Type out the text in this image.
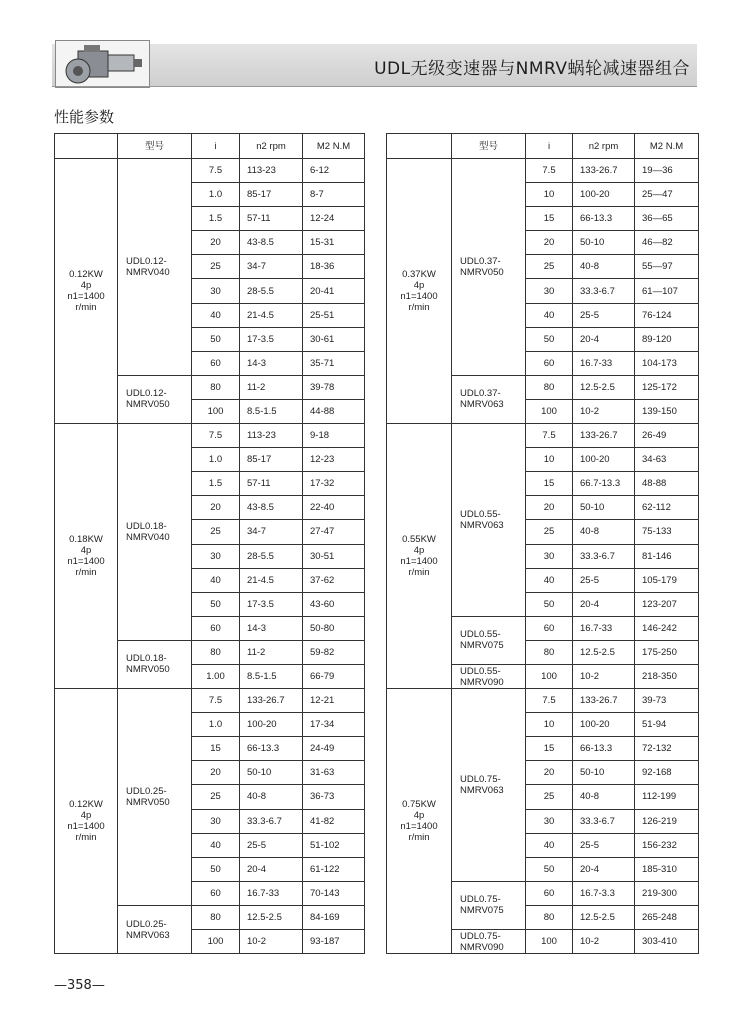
UDL无级变速器与NMRV蜗轮减速器组合
性能参数
	型号	i	n2 rpm	M2 N.M
0.12KW
4p
n1=1400
r/min	UDL0.12-
NMRV040	7.5	113-23	6-12
		1.0	85-17	8-7
		1.5	57-11	12-24
		20	43-8.5	15-31
		25	34-7	18-36
		30	28-5.5	20-41
		40	21-4.5	25-51
		50	17-3.5	30-61
		60	14-3	35-71
	UDL0.12-
NMRV050	80	11-2	39-78
		100	8.5-1.5	44-88
0.18KW
4p
n1=1400
r/min	UDL0.18-
NMRV040	7.5	113-23	9-18
		1.0	85-17	12-23
		1.5	57-11	17-32
		20	43-8.5	22-40
		25	34-7	27-47
		30	28-5.5	30-51
		40	21-4.5	37-62
		50	17-3.5	43-60
		60	14-3	50-80
	UDL0.18-
NMRV050	80	11-2	59-82
		1.00	8.5-1.5	66-79
0.12KW
4p
n1=1400
r/min	UDL0.25-
NMRV050	7.5	133-26.7	12-21
		1.0	100-20	17-34
		15	66-13.3	24-49
		20	50-10	31-63
		25	40-8	36-73
		30	33.3-6.7	41-82
		40	25-5	51-102
		50	20-4	61-122
		60	16.7-33	70-143
	UDL0.25-
NMRV063	80	12.5-2.5	84-169
		100	10-2	93-187
	型号	i	n2 rpm	M2 N.M
0.37KW
4p
n1=1400
r/min	UDL0.37-
NMRV050	7.5	133-26.7	19—36
		10	100-20	25—47
		15	66-13.3	36—65
		20	50-10	46—82
		25	40-8	55—97
		30	33.3-6.7	61—107
		40	25-5	76-124
		50	20-4	89-120
		60	16.7-33	104-173
	UDL0.37-
NMRV063	80	12.5-2.5	125-172
		100	10-2	139-150
0.55KW
4p
n1=1400
r/min	UDL0.55-
NMRV063	7.5	133-26.7	26-49
		10	100-20	34-63
		15	66.7-13.3	48-88
		20	50-10	62-112
		25	40-8	75-133
		30	33.3-6.7	81-146
		40	25-5	105-179
		50	20-4	123-207
	UDL0.55-
NMRV075	60	16.7-33	146-242
		80	12.5-2.5	175-250
	UDL0.55-
NMRV090	100	10-2	218-350
0.75KW
4p
n1=1400
r/min	UDL0.75-
NMRV063	7.5	133-26.7	39-73
		10	100-20	51-94
		15	66-13.3	72-132
		20	50-10	92-168
		25	40-8	112-199
		30	33.3-6.7	126-219
		40	25-5	156-232
		50	20-4	185-310
	UDL0.75-
NMRV075	60	16.7-3.3	219-300
		80	12.5-2.5	265-248
	UDL0.75-
NMRV090	100	10-2	303-410
—358—
